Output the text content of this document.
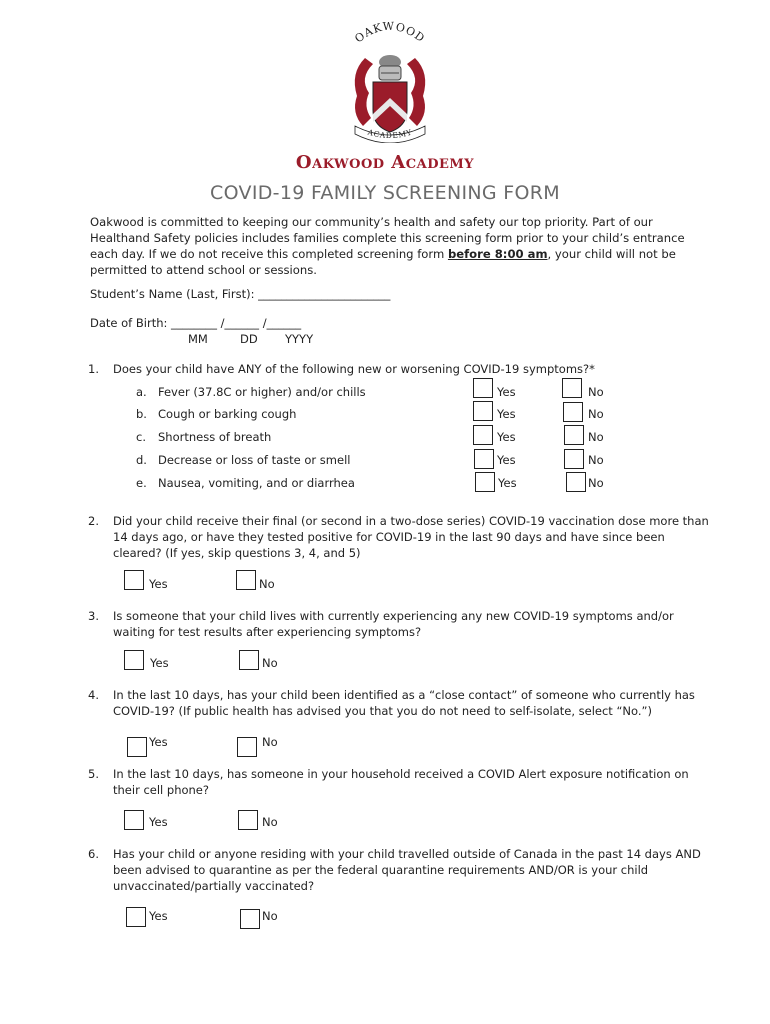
OAKWOOD
ACADEMY
Oakwood Academy
COVID-19 FAMILY SCREENING FORM
Oakwood is committed to keeping our community’s health and safety our top priority. Part of our Healthand Safety policies includes families complete this screening form prior to your child’s entrance each day. If we do not receive this completed screening form before 8:00 am, your child will not be permitted to attend school or sessions.
Student’s Name (Last, First): _______________________
Date of Birth: ________ /______ /______
MM	DD YYYY
1. Does your child have ANY of the following new or worsening COVID-19 symptoms?*
a. Fever (37.8C or higher) and/or chills	Yes	No
b. Cough or barking cough	Yes	No
c. Shortness of breath	Yes	No
d. Decrease or loss of taste or smell	Yes	No
e. Nausea, vomiting, and or diarrhea	Yes	No
2. Did your child receive their final (or second in a two-dose series) COVID-19 vaccination dose more than 14 days ago, or have they tested positive for COVID-19 in the last 90 days and have since been cleared? (If yes, skip questions 3, 4, and 5)
Yes	No
3. Is someone that your child lives with currently experiencing any new COVID-19 symptoms and/or waiting for test results after experiencing symptoms?
Yes	No
4. In the last 10 days, has your child been identified as a “close contact” of someone who currently has COVID-19? (If public health has advised you that you do not need to self-isolate, select “No.”)
Yes	No
5. In the last 10 days, has someone in your household received a COVID Alert exposure notification on their cell phone?
Yes	No
6. Has your child or anyone residing with your child travelled outside of Canada in the past 14 days AND been advised to quarantine as per the federal quarantine requirements AND/OR is your child unvaccinated/partially vaccinated?
Yes	No
